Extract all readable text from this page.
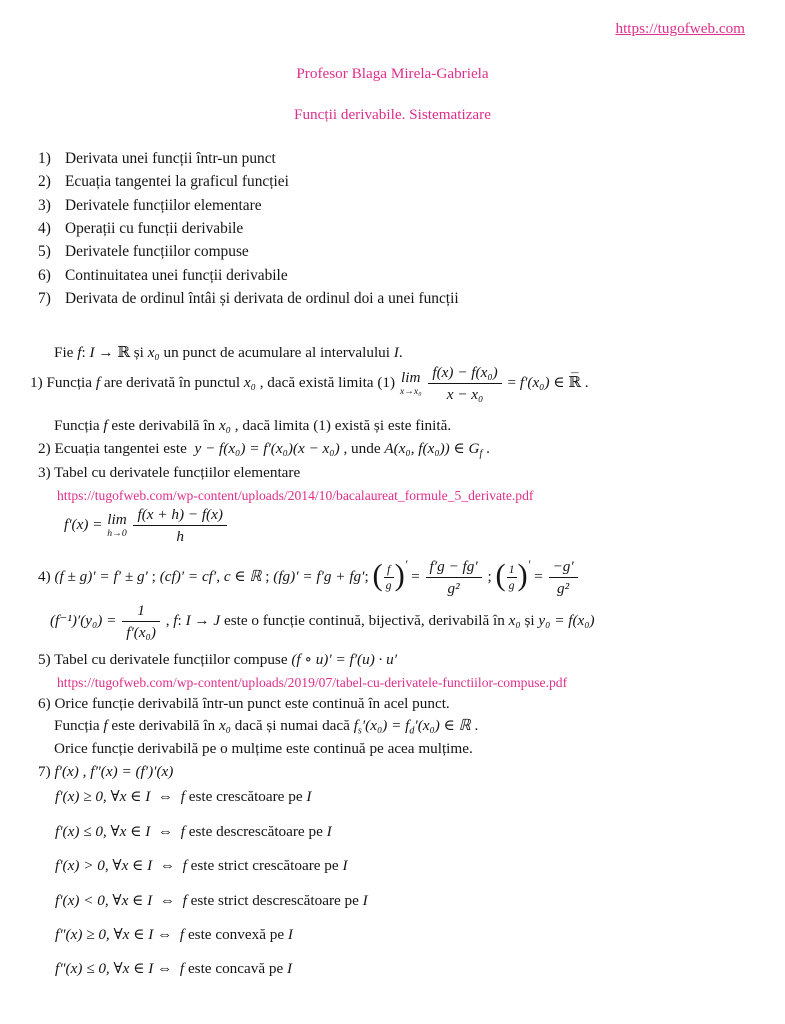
https://tugofweb.com
Profesor Blaga Mirela-Gabriela
Funcții derivabile. Sistematizare
1) Derivata unei funcții într-un punct
2) Ecuația tangentei la graficul funcției
3) Derivatele funcțiilor elementare
4) Operații cu funcții derivabile
5) Derivatele funcțiilor compuse
6) Continuitatea unei funcții derivabile
7) Derivata de ordinul întâi și derivata de ordinul doi a unei funcții
Fie f: I → ℝ și x₀ un punct de acumulare al intervalului I.
1) Funcția f are derivată în punctul x₀ , dacă există limita (1) lim
x→x₀
$\frac{\text{f(x) − f(x₀)}}{\text{x − x₀}} = f'(x_0)$ ∈ ℝ̅ .
Funcția f este derivabilă în x₀ , dacă limita (1) există și este finită.
2) Ecuația tangentei este  y − f(x₀) = f′(x₀)(x − x₀) , unde A(x₀, f(x₀)) ∈ $G_f$ .
3) Tabel cu derivatele funcțiilor elementare
https://tugofweb.com/wp-content/uploads/2014/10/bacalaureat_formule_5_derivate.pdf
f′(x) = lim
h→0
$\frac{f(x + h) - f(x)}{h}$
4) (f ± g)′ = f′ ± g′ ; (cf)′ = cf′, c ∈ ℝ ; (fg)′ = f′g + fg′; ( $\frac{f}{g} )' = \frac{f'g - fg'}{\text{g²}}$ ; ( $\frac{1}{g} )' = \frac{-g'}{\text{g²}}$
$(f^{-1})'(y_0) = \frac{1}{\text{f′(x₀)}}$ , f: I → J este o funcție continuă, bijectivă, derivabilă în x₀ și y₀ = f(x₀)
5) Tabel cu derivatele funcțiilor compuse (f ∘ u)′ = f′(u) · u′
https://tugofweb.com/wp-content/uploads/2019/07/tabel-cu-derivatele-functiilor-compuse.pdf
6) Orice funcție derivabilă într-un punct este continuă în acel punct.
Funcția f este derivabilă în x₀ dacă și numai dacă $f_s'(x_0) = f_d'(x_0)$ ∈ ℝ .
Orice funcție derivabilă pe o mulțime este continuă pe acea mulțime.
7) f′(x) , f″(x) = (f′)′(x)
f′(x) ≥ 0, ∀x ∈ I  ⇔  f este crescătoare pe I
f′(x) ≤ 0, ∀x ∈ I  ⇔  f este descrescătoare pe I
f′(x) > 0, ∀x ∈ I  ⇔  f este strict crescătoare pe I
f′(x) < 0, ∀x ∈ I  ⇔  f este strict descrescătoare pe I
f″(x) ≥ 0, ∀x ∈ I ⇔  f este convexă pe I
f″(x) ≤ 0, ∀x ∈ I ⇔  f este concavă pe I
